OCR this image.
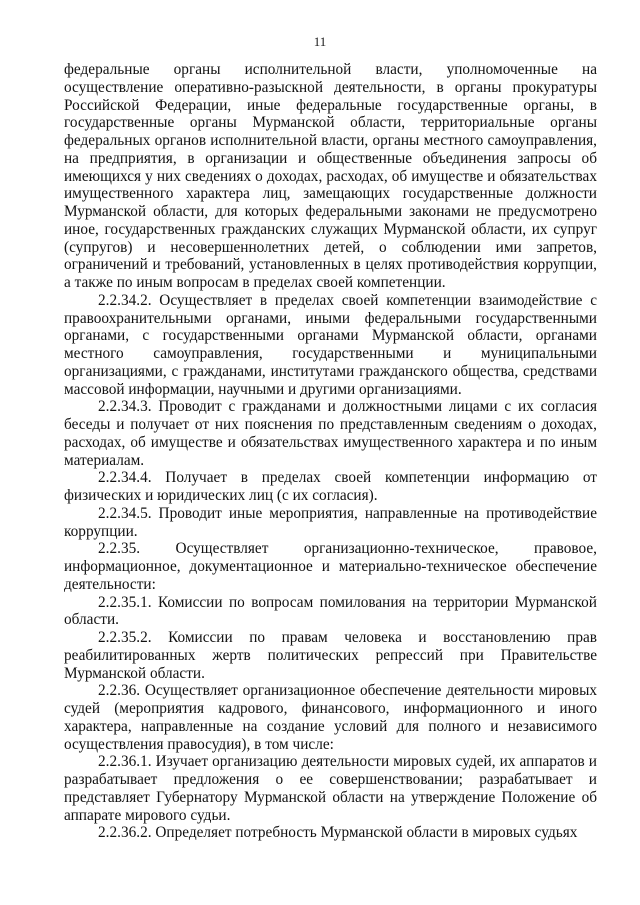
11

федеральные органы исполнительной власти, уполномоченные на осуществление оперативно-разыскной деятельности, в органы прокуратуры Российской Федерации, иные федеральные государственные органы, в государственные органы Мурманской области, территориальные органы федеральных органов исполнительной власти, органы местного самоуправления, на предприятия, в организации и общественные объединения запросы об имеющихся у них сведениях о доходах, расходах, об имуществе и обязательствах имущественного характера лиц, замещающих государственные должности Мурманской области, для которых федеральными законами не предусмотрено иное, государственных гражданских служащих Мурманской области, их супруг (супругов) и несовершеннолетних детей, о соблюдении ими запретов, ограничений и требований, установленных в целях противодействия коррупции, а также по иным вопросам в пределах своей компетенции.

2.2.34.2. Осуществляет в пределах своей компетенции взаимодействие с правоохранительными органами, иными федеральными государственными органами, с государственными органами Мурманской области, органами местного самоуправления, государственными и муниципальными организациями, с гражданами, институтами гражданского общества, средствами массовой информации, научными и другими организациями.

2.2.34.3. Проводит с гражданами и должностными лицами с их согласия беседы и получает от них пояснения по представленным сведениям о доходах, расходах, об имуществе и обязательствах имущественного характера и по иным материалам.

2.2.34.4. Получает в пределах своей компетенции информацию от физических и юридических лиц (с их согласия).

2.2.34.5. Проводит иные мероприятия, направленные на противодействие коррупции.

2.2.35. Осуществляет организационно-техническое, правовое, информационное, документационное и материально-техническое обеспечение деятельности:

2.2.35.1. Комиссии по вопросам помилования на территории Мурманской области.

2.2.35.2. Комиссии по правам человека и восстановлению прав реабилитированных жертв политических репрессий при Правительстве Мурманской области.

2.2.36. Осуществляет организационное обеспечение деятельности мировых судей (мероприятия кадрового, финансового, информационного и иного характера, направленные на создание условий для полного и независимого осуществления правосудия), в том числе:

2.2.36.1. Изучает организацию деятельности мировых судей, их аппаратов и разрабатывает предложения о ее совершенствовании; разрабатывает и представляет Губернатору Мурманской области на утверждение Положение об аппарате мирового судьи.

2.2.36.2. Определяет потребность Мурманской области в мировых судьях
